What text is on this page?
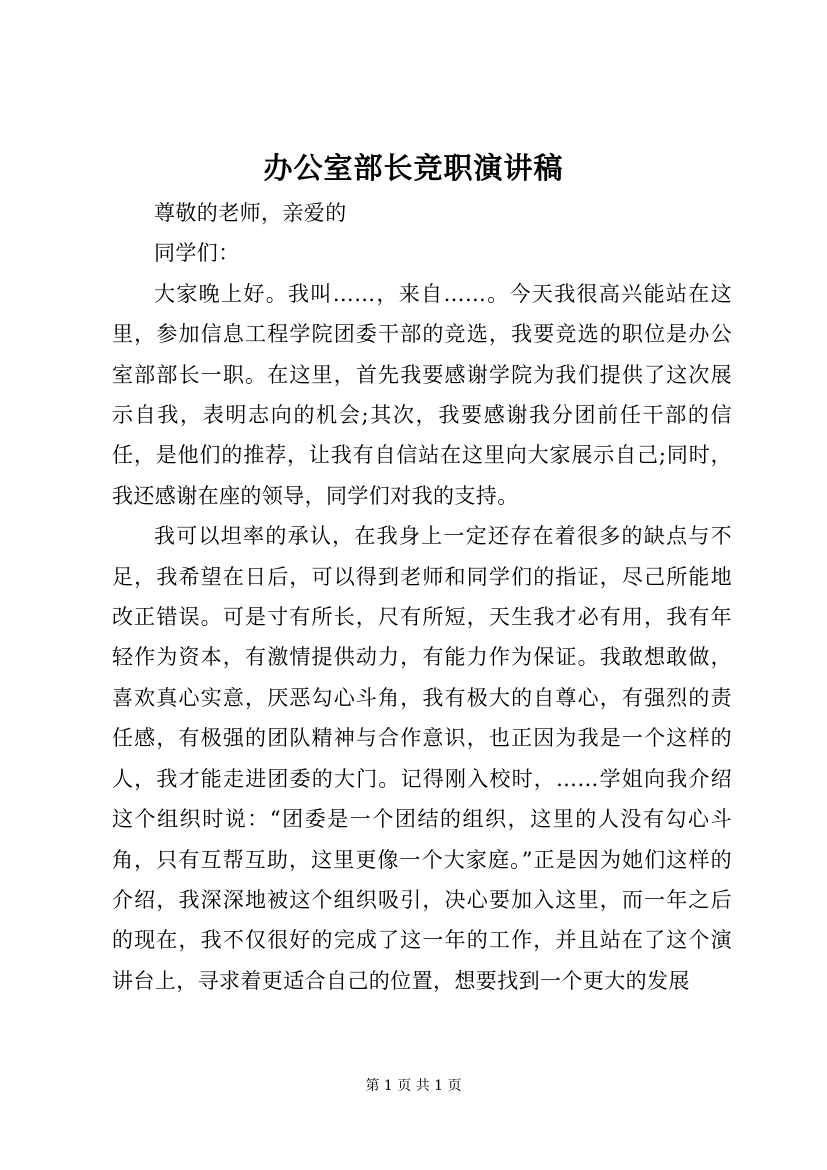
办公室部长竞职演讲稿

尊敬的老师，亲爱的

同学们：

大家晚上好。我叫……，来自……。今天我很高兴能站在这里，参加信息工程学院团委干部的竞选，我要竞选的职位是办公室部部长一职。在这里，首先我要感谢学院为我们提供了这次展示自我，表明志向的机会;其次，我要感谢我分团前任干部的信任，是他们的推荐，让我有自信站在这里向大家展示自己;同时，我还感谢在座的领导，同学们对我的支持。

我可以坦率的承认，在我身上一定还存在着很多的缺点与不足，我希望在日后，可以得到老师和同学们的指证，尽己所能地改正错误。可是寸有所长，尺有所短，天生我才必有用，我有年轻作为资本，有激情提供动力，有能力作为保证。我敢想敢做，喜欢真心实意，厌恶勾心斗角，我有极大的自尊心，有强烈的责任感，有极强的团队精神与合作意识，也正因为我是一个这样的人，我才能走进团委的大门。记得刚入校时，……学姐向我介绍这个组织时说：“团委是一个团结的组织，这里的人没有勾心斗角，只有互帮互助，这里更像一个大家庭。”正是因为她们这样的介绍，我深深地被这个组织吸引，决心要加入这里，而一年之后的现在，我不仅很好的完成了这一年的工作，并且站在了这个演讲台上，寻求着更适合自己的位置，想要找到一个更大的发展

第 1 页 共 1 页
